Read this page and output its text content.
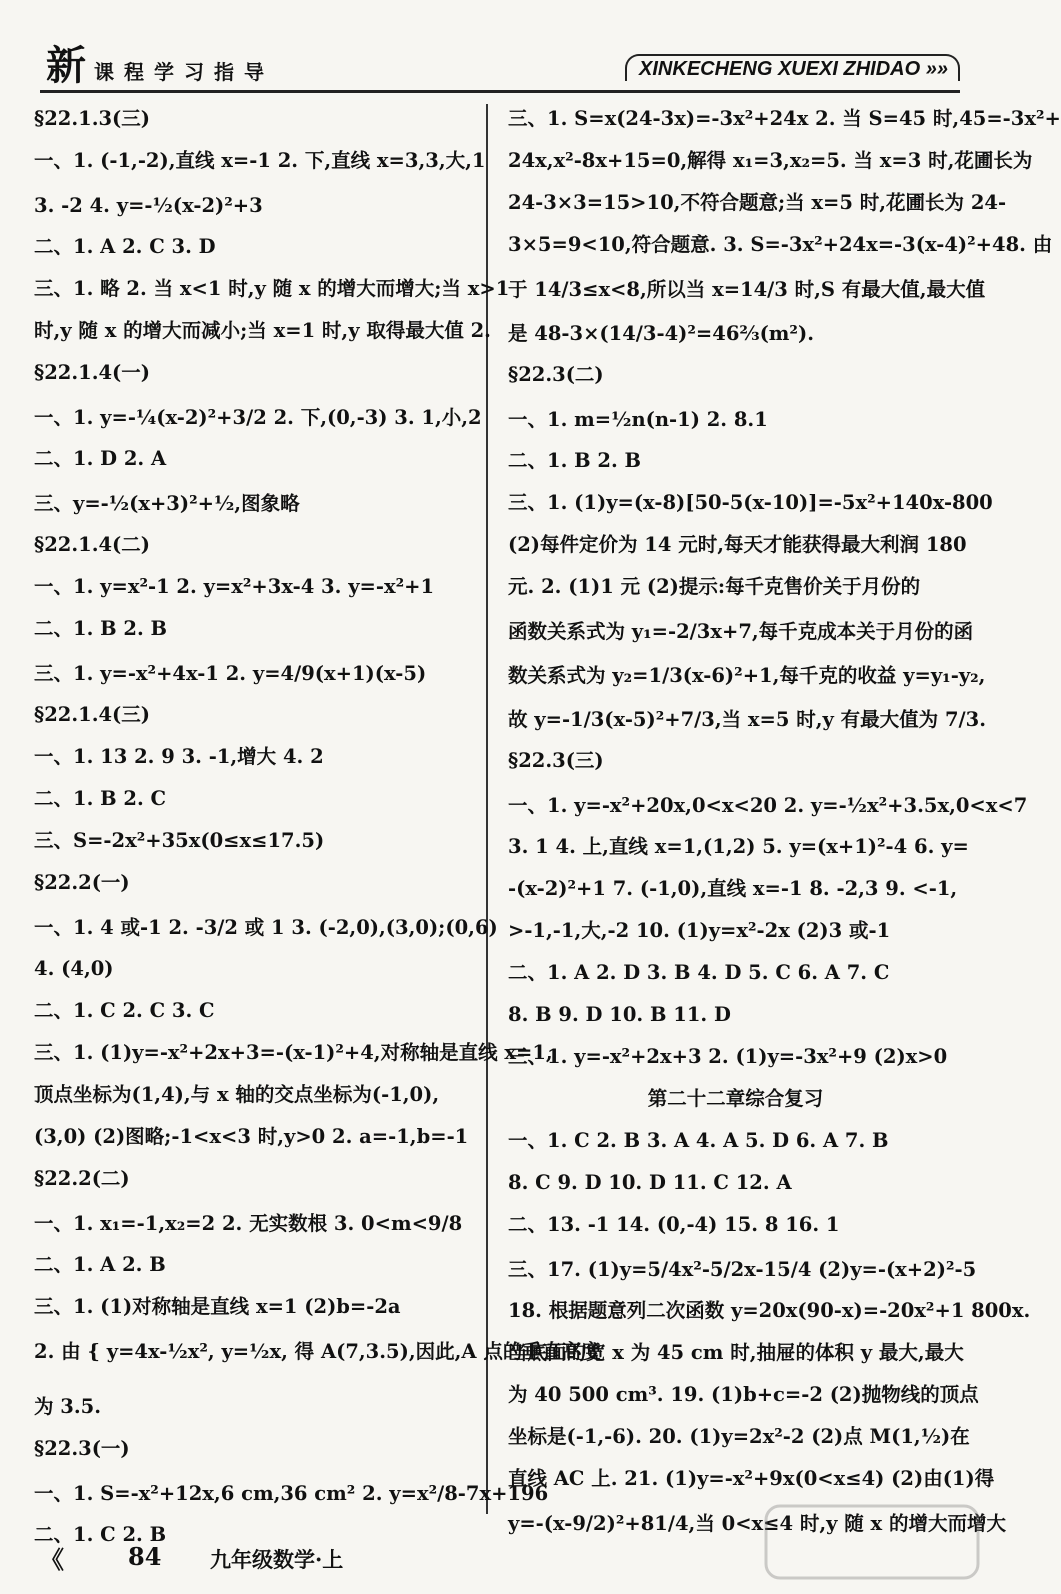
新 课程学习指导	XINKECHENG XUEXI ZHIDAO »»
§22.1.3(三)
一、1. (-1,-2),直线 x=-1 2. 下,直线 x=3,3,大,1
3. -2 4. y=-½(x-2)²+3
二、1. A 2. C 3. D
三、1. 略 2. 当 x<1 时,y 随 x 的增大而增大;当 x>1
时,y 随 x 的增大而减小;当 x=1 时,y 取得最大值 2.
§22.1.4(一)
一、1. y=-¼(x-2)²+3/2 2. 下,(0,-3) 3. 1,小,2
二、1. D 2. A
三、y=-½(x+3)²+½,图象略
§22.1.4(二)
一、1. y=x²-1 2. y=x²+3x-4 3. y=-x²+1
二、1. B 2. B
三、1. y=-x²+4x-1 2. y=4/9(x+1)(x-5)
§22.1.4(三)
一、1. 13 2. 9 3. -1,增大 4. 2
二、1. B 2. C
三、S=-2x²+35x(0≤x≤17.5)
§22.2(一)
一、1. 4 或-1 2. -3/2 或 1 3. (-2,0),(3,0);(0,6)
4. (4,0)
二、1. C 2. C 3. C
三、1. (1)y=-x²+2x+3=-(x-1)²+4,对称轴是直线 x=1,
顶点坐标为(1,4),与 x 轴的交点坐标为(-1,0),
(3,0) (2)图略;-1<x<3 时,y>0 2. a=-1,b=-1
§22.2(二)
一、1. x₁=-1,x₂=2 2. 无实数根 3. 0<m<9/8
二、1. A 2. B
三、1. (1)对称轴是直线 x=1 (2)b=-2a
2. 由 { y=4x-½x², y=½x, 得 A(7,3.5),因此,A 点的垂直高度
为 3.5.
§22.3(一)
一、1. S=-x²+12x,6 cm,36 cm² 2. y=x²/8-7x+196
二、1. C 2. B
三、1. S=x(24-3x)=-3x²+24x 2. 当 S=45 时,45=-3x²+
24x,x²-8x+15=0,解得 x₁=3,x₂=5. 当 x=3 时,花圃长为
24-3×3=15>10,不符合题意;当 x=5 时,花圃长为 24-
3×5=9<10,符合题意. 3. S=-3x²+24x=-3(x-4)²+48. 由
于 14/3≤x<8,所以当 x=14/3 时,S 有最大值,最大值
是 48-3×(14/3-4)²=46⅔(m²).
§22.3(二)
一、1. m=½n(n-1) 2. 8.1
二、1. B 2. B
三、1. (1)y=(x-8)[50-5(x-10)]=-5x²+140x-800
(2)每件定价为 14 元时,每天才能获得最大利润 180
元. 2. (1)1 元 (2)提示:每千克售价关于月份的
函数关系式为 y₁=-2/3x+7,每千克成本关于月份的函
数关系式为 y₂=1/3(x-6)²+1,每千克的收益 y=y₁-y₂,
故 y=-1/3(x-5)²+7/3,当 x=5 时,y 有最大值为 7/3.
§22.3(三)
一、1. y=-x²+20x,0<x<20 2. y=-½x²+3.5x,0<x<7
3. 1 4. 上,直线 x=1,(1,2) 5. y=(x+1)²-4 6. y=
-(x-2)²+1 7. (-1,0),直线 x=-1 8. -2,3 9. <-1,
>-1,-1,大,-2 10. (1)y=x²-2x (2)3 或-1
二、1. A 2. D 3. B 4. D 5. C 6. A 7. C
8. B 9. D 10. B 11. D
三、1. y=-x²+2x+3 2. (1)y=-3x²+9 (2)x>0
第二十二章综合复习
一、1. C 2. B 3. A 4. A 5. D 6. A 7. B
8. C 9. D 10. D 11. C 12. A
二、13. -1 14. (0,-4) 15. 8 16. 1
三、17. (1)y=5/4x²-5/2x-15/4 (2)y=-(x+2)²-5
18. 根据题意列二次函数 y=20x(90-x)=-20x²+1 800x.
当底面的宽 x 为 45 cm 时,抽屉的体积 y 最大,最大
为 40 500 cm³. 19. (1)b+c=-2 (2)抛物线的顶点
坐标是(-1,-6). 20. (1)y=2x²-2 (2)点 M(1,½)在
直线 AC 上. 21. (1)y=-x²+9x(0<x≤4) (2)由(1)得
y=-(x-9/2)²+81/4,当 0<x≤4 时,y 随 x 的增大而增大
《	84 九年级数学·上
